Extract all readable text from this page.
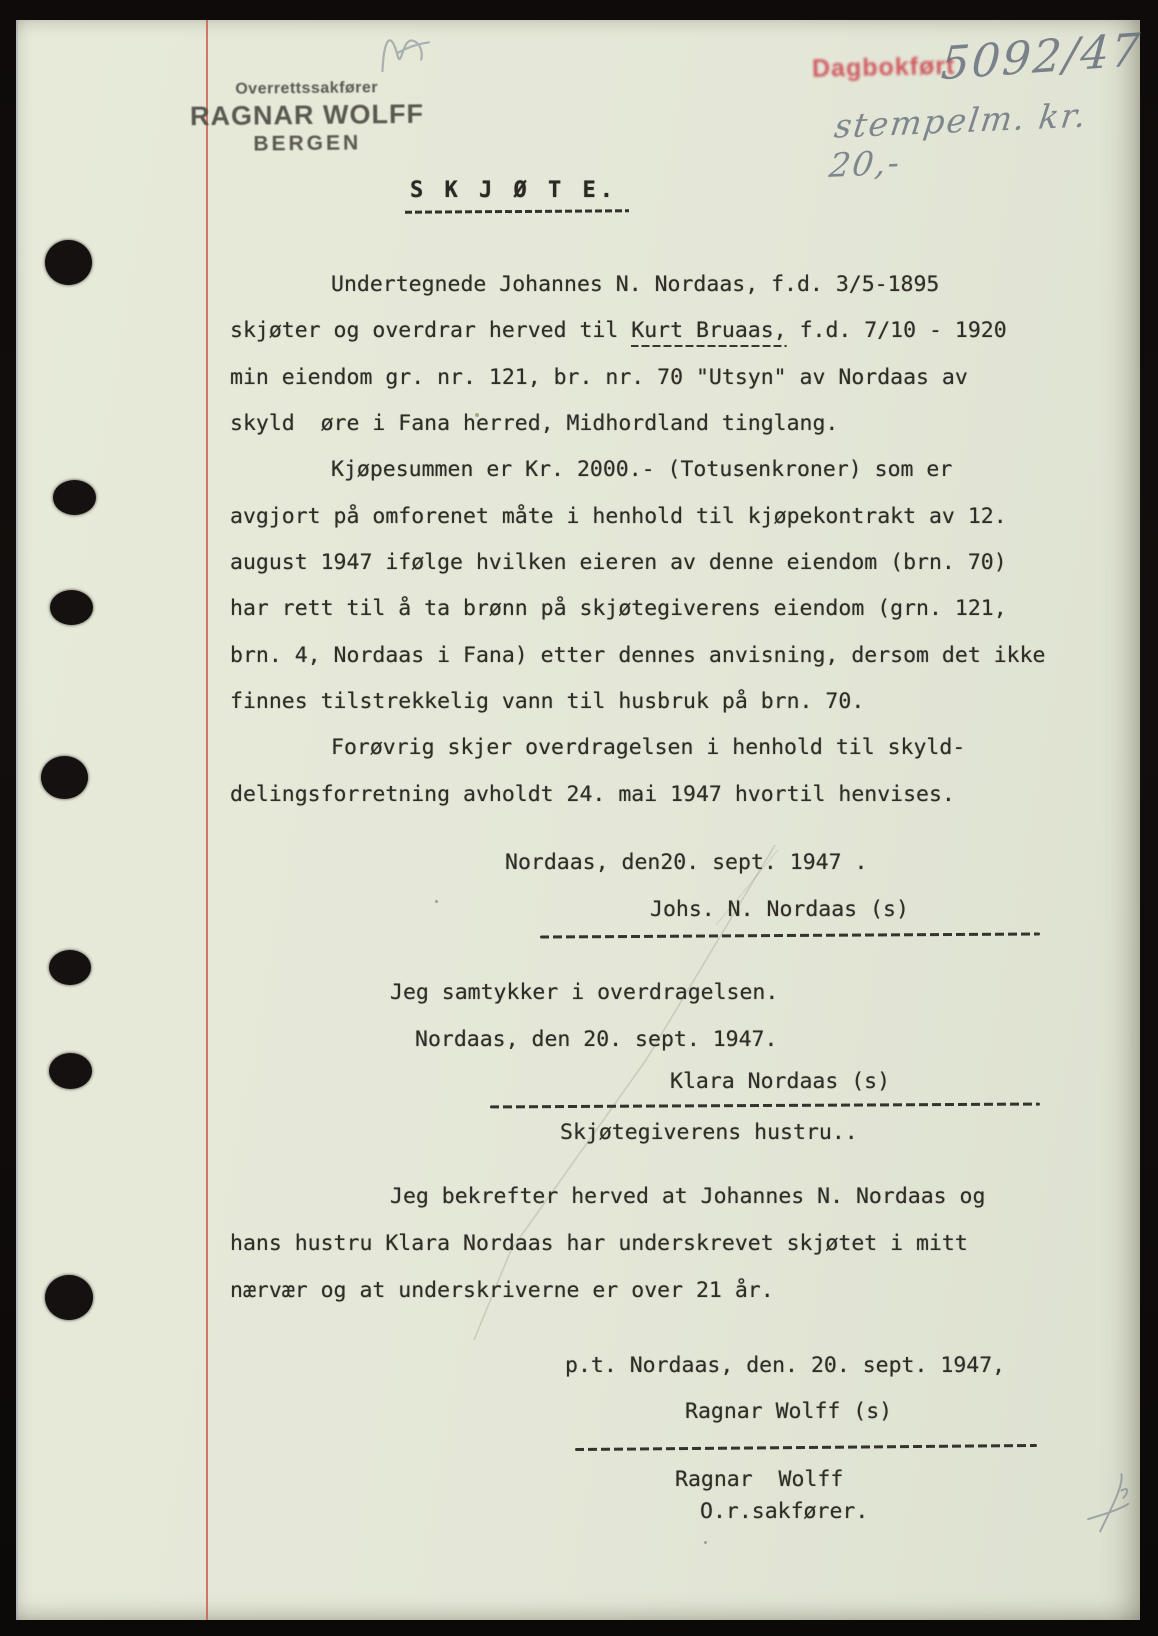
Overrettssakfører
RAGNAR WOLFF
BERGEN
Dagbokført
5092/47
stempelm. kr. 20,-
S K J Ø T E.
Undertegnede Johannes N. Nordaas, f.d. 3/5-1895
skjøter og overdrar herved til Kurt Bruaas, f.d. 7/10 - 1920
min eiendom gr. nr. 121, br. nr. 70 "Utsyn" av Nordaas av
skyld  øre i Fana herred, Midhordland tinglang.
Kjøpesummen er Kr. 2000.- (Totusenkroner) som er
avgjort på omforenet måte i henhold til kjøpekontrakt av 12.
august 1947 ifølge hvilken eieren av denne eiendom (brn. 70)
har rett til å ta brønn på skjøtegiverens eiendom (grn. 121,
brn. 4, Nordaas i Fana) etter dennes anvisning, dersom det ikke
finnes tilstrekkelig vann til husbruk på brn. 70.
Forøvrig skjer overdragelsen i henhold til skyld-
delingsforretning avholdt 24. mai 1947 hvortil henvises.
Nordaas, den20. sept. 1947 .
Johs. N. Nordaas (s)
Jeg samtykker i overdragelsen.
Nordaas, den 20. sept. 1947.
Klara Nordaas (s)
Skjøtegiverens hustru..
Jeg bekrefter herved at Johannes N. Nordaas og
hans hustru Klara Nordaas har underskrevet skjøtet i mitt
nærvær og at underskriverne er over 21 år.
p.t. Nordaas, den. 20. sept. 1947,
Ragnar Wolff (s)
Ragnar  Wolff
O.r.sakfører.
